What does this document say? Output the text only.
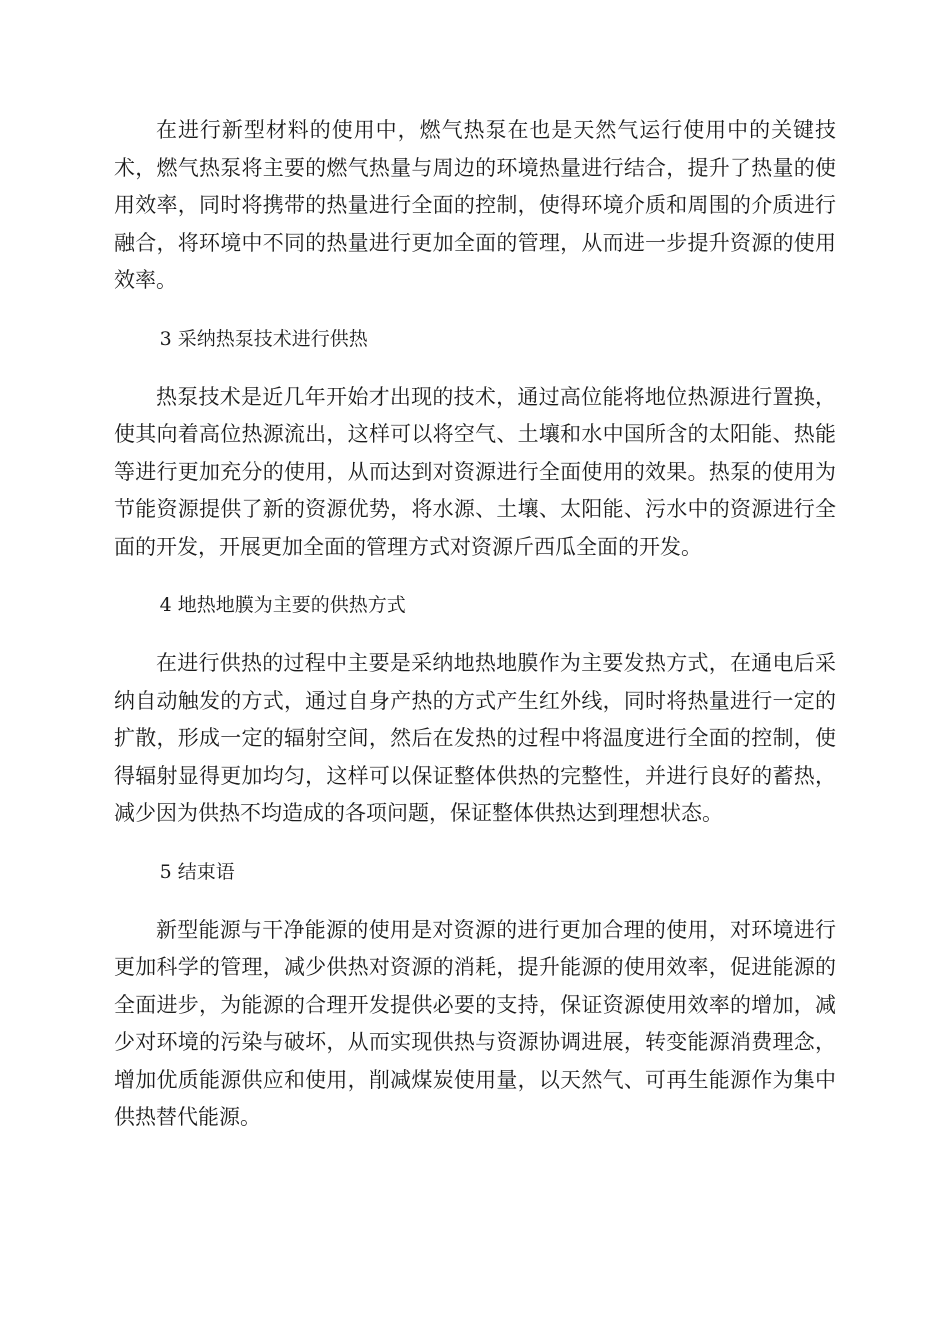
在进行新型材料的使用中，燃气热泵在也是天然气运行使用中的关键技术，燃气热泵将主要的燃气热量与周边的环境热量进行结合，提升了热量的使用效率，同时将携带的热量进行全面的控制，使得环境介质和周围的介质进行融合，将环境中不同的热量进行更加全面的管理，从而进一步提升资源的使用效率。

3 采纳热泵技术进行供热

热泵技术是近几年开始才出现的技术，通过高位能将地位热源进行置换，使其向着高位热源流出，这样可以将空气、土壤和水中国所含的太阳能、热能等进行更加充分的使用，从而达到对资源进行全面使用的效果。热泵的使用为节能资源提供了新的资源优势，将水源、土壤、太阳能、污水中的资源进行全面的开发，开展更加全面的管理方式对资源斤西瓜全面的开发。

4 地热地膜为主要的供热方式

在进行供热的过程中主要是采纳地热地膜作为主要发热方式，在通电后采纳自动触发的方式，通过自身产热的方式产生红外线，同时将热量进行一定的扩散，形成一定的辐射空间，然后在发热的过程中将温度进行全面的控制，使得辐射显得更加均匀，这样可以保证整体供热的完整性，并进行良好的蓄热，减少因为供热不均造成的各项问题，保证整体供热达到理想状态。

5 结束语

新型能源与干净能源的使用是对资源的进行更加合理的使用，对环境进行更加科学的管理，减少供热对资源的消耗，提升能源的使用效率，促进能源的全面进步，为能源的合理开发提供必要的支持，保证资源使用效率的增加，减少对环境的污染与破坏，从而实现供热与资源协调进展，转变能源消费理念，增加优质能源供应和使用，削减煤炭使用量，以天然气、可再生能源作为集中供热替代能源。
